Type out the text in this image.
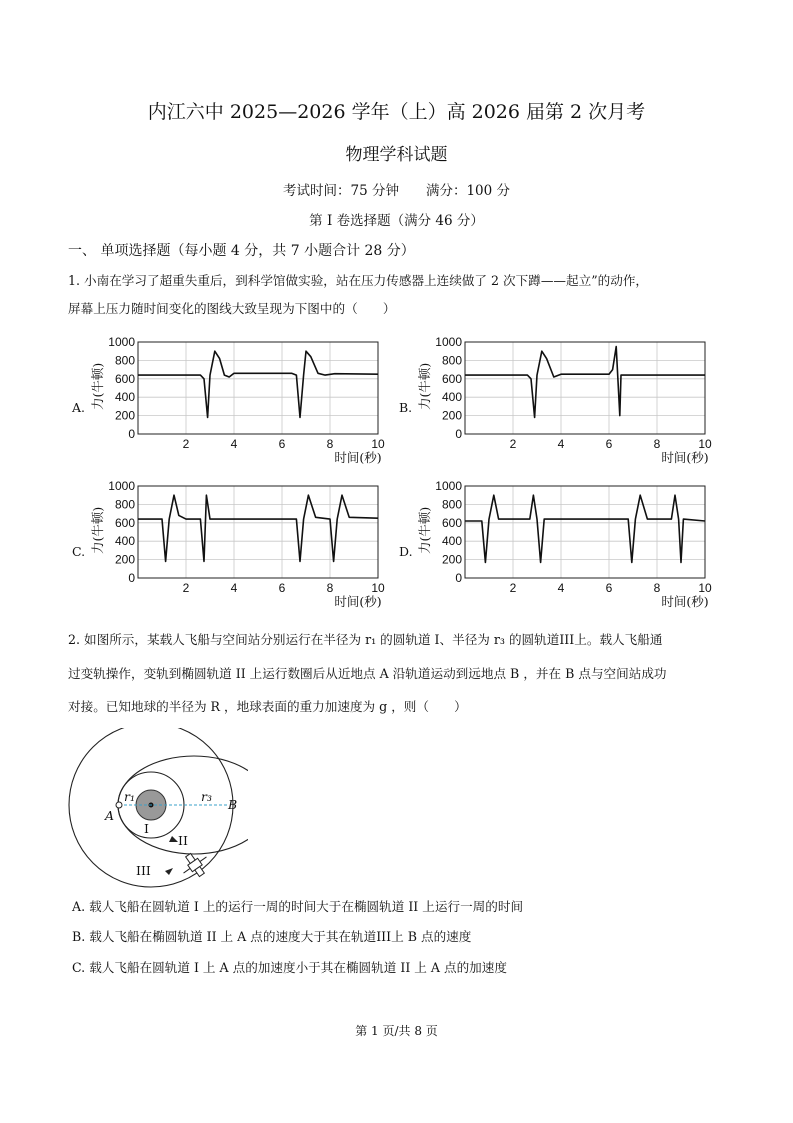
内江六中 2025—2026 学年（上）高 2026 届第 2 次月考
物理学科试题
考试时间：75 分钟　　满分：100 分
第 I 卷选择题（满分 46 分）
一、 单项选择题（每小题 4 分，共 7 小题合计 28 分）
1. 小南在学习了超重失重后，到科学馆做实验，站在压力传感器上连续做了 2 次下蹲——起立”的动作，
屏幕上压力随时间变化的图线大致呈现为下图中的（　　）
A. 力(牛顿)
0
200
400
600
800
1000
2	4	6	8	10
时间(秒)
B. 力(牛顿)
0
200
400
600
800
1000
2	4	6	8	10
时间(秒)
C. 力(牛顿)
0
200
400
600
800
1000
2	4	6	8	10
时间(秒)
D. 力(牛顿)
0
200
400
600
800
1000
2	4	6	8	10
时间(秒)
2. 如图所示，某载人飞船与空间站分别运行在半径为 r₁ 的圆轨道 I、半径为 r₃ 的圆轨道III上。载人飞船通
过变轨操作，变轨到椭圆轨道 II 上运行数圈后从近地点 A 沿轨道运动到远地点 B ，并在 B 点与空间站成功
对接。已知地球的半径为 R ，地球表面的重力加速度为 g ，则（　　）
A
B
r₁	r₃
I
II
III
A. 载人飞船在圆轨道 I 上的运行一周的时间大于在椭圆轨道 II 上运行一周的时间
B. 载人飞船在椭圆轨道 II 上 A 点的速度大于其在轨道III上 B 点的速度
C. 载人飞船在圆轨道 I 上 A 点的加速度小于其在椭圆轨道 II 上 A 点的加速度
第 1 页/共 8 页
